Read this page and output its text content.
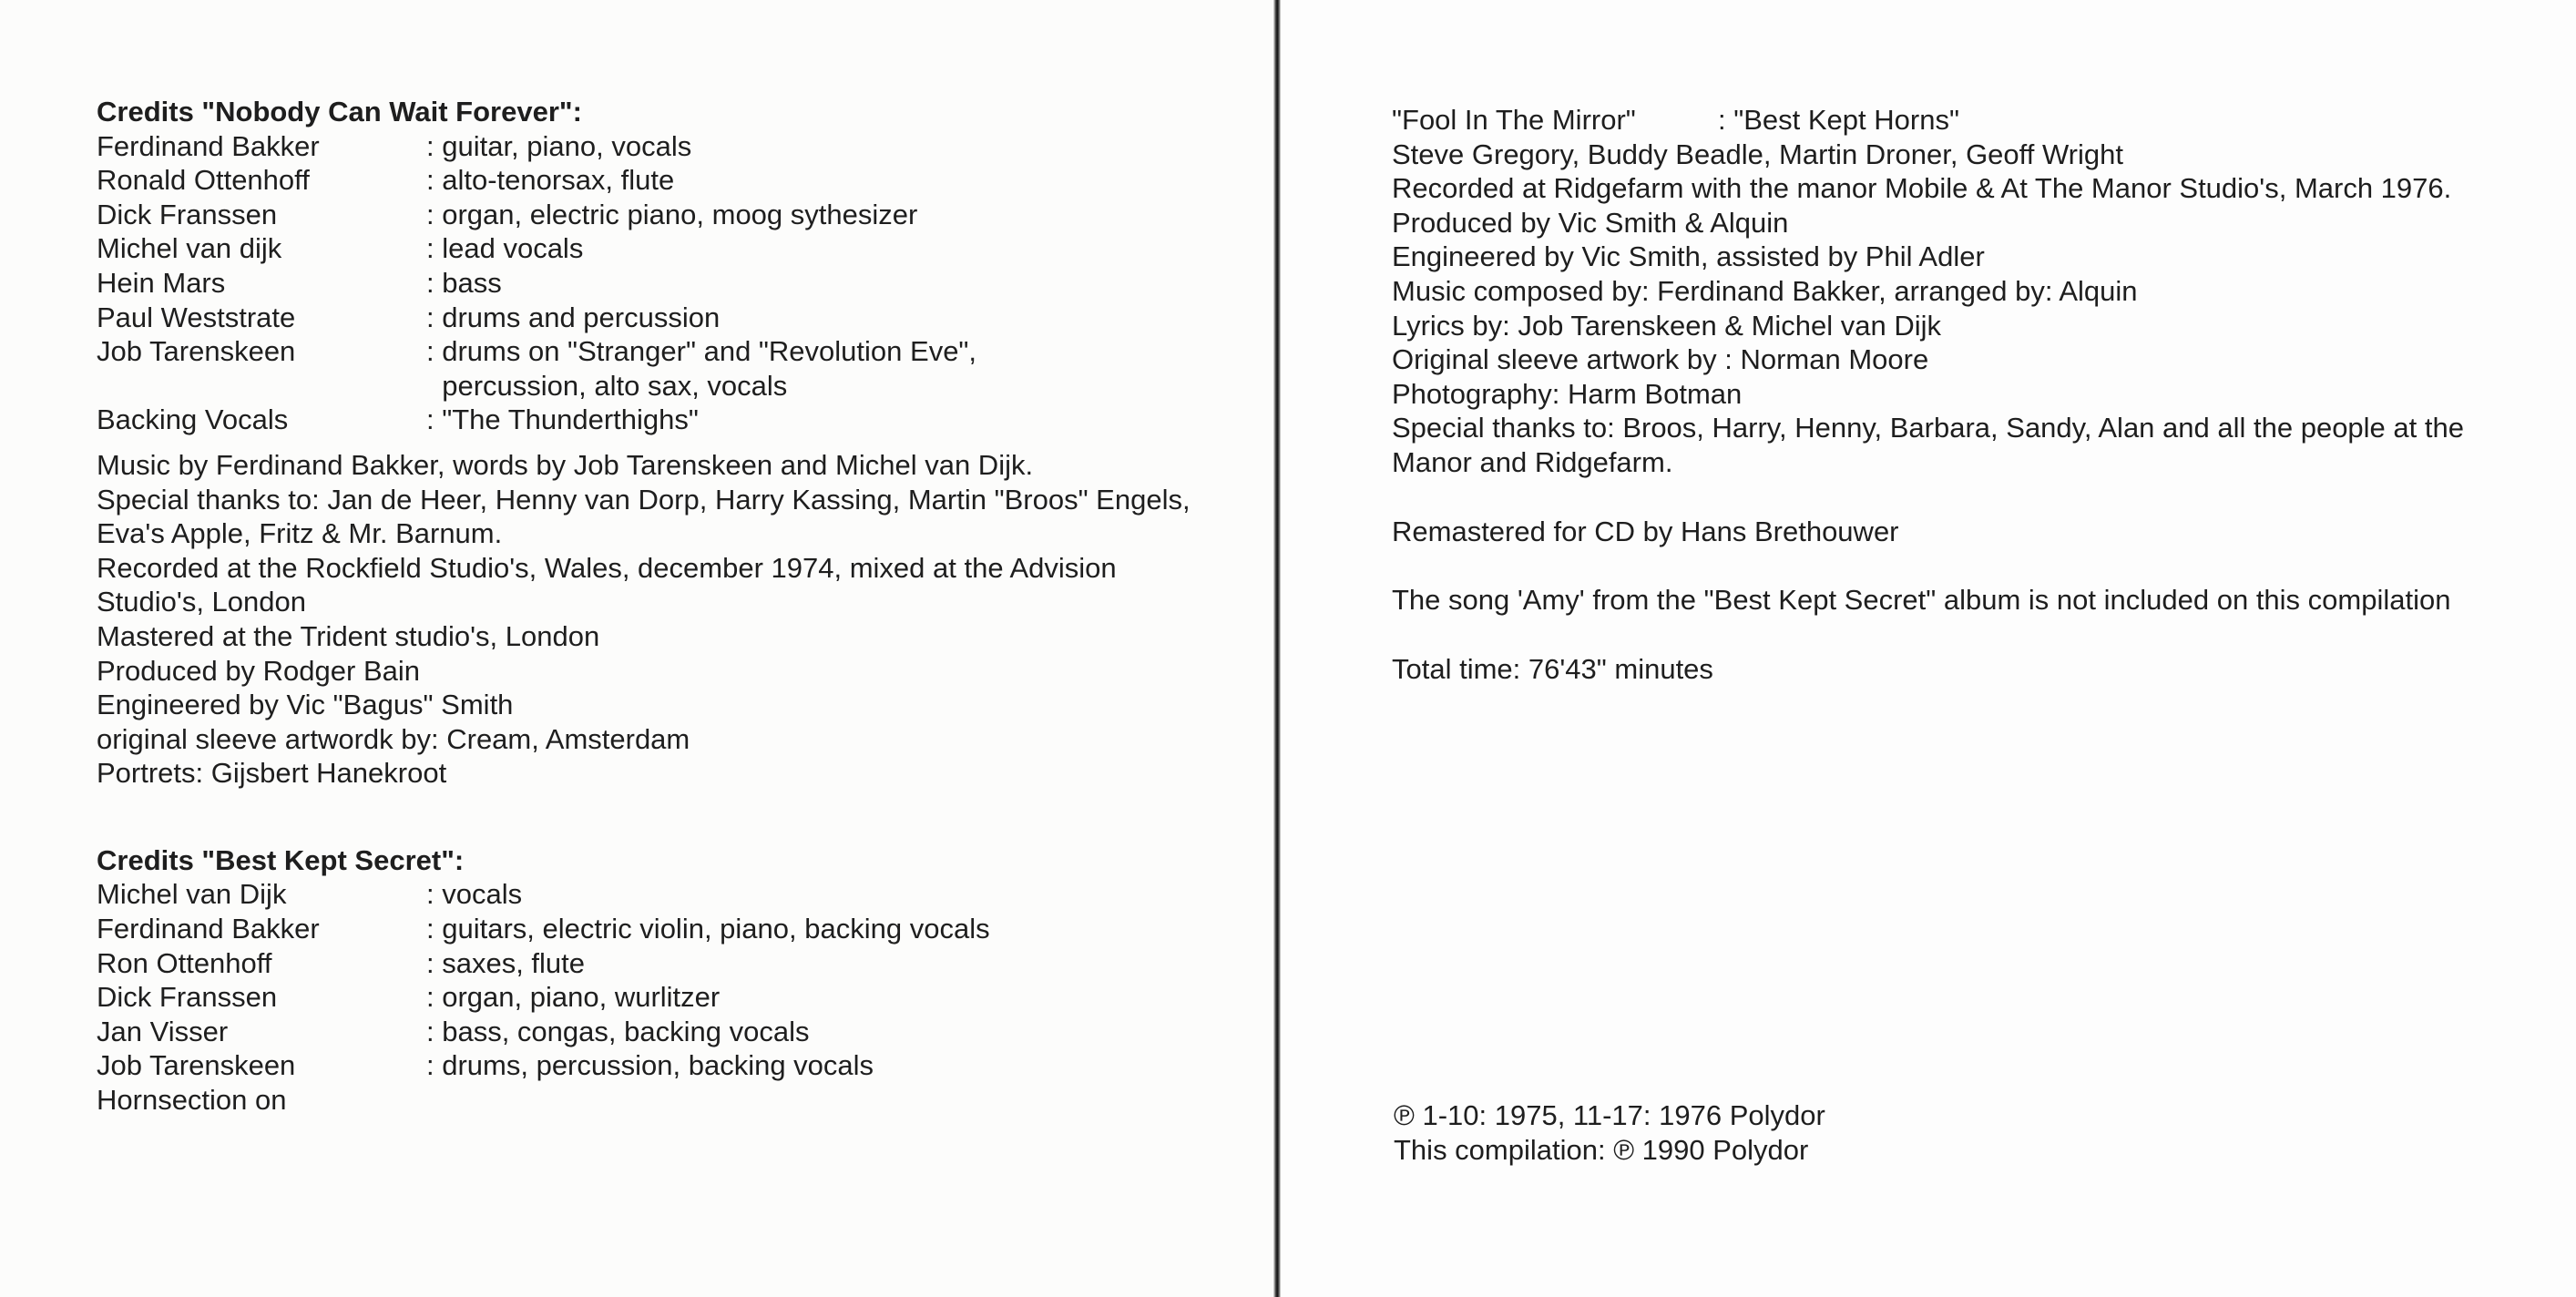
Credits "Nobody Can Wait Forever":
Ferdinand Bakker	: guitar, piano, vocals
Ronald Ottenhoff	: alto-tenorsax, flute
Dick Franssen	: organ, electric piano, moog sythesizer
Michel van dijk	: lead vocals
Hein Mars	: bass
Paul Weststrate	: drums and percussion
Job Tarenskeen	: drums on "Stranger" and "Revolution Eve",
percussion, alto sax, vocals
Backing Vocals	: "The Thunderthighs"
Music by Ferdinand Bakker, words by Job Tarenskeen and Michel van Dijk.
Special thanks to: Jan de Heer, Henny van Dorp, Harry Kassing, Martin "Broos" Engels, Eva's Apple, Fritz & Mr. Barnum.
Recorded at the Rockfield Studio's, Wales, december 1974, mixed at the Advision Studio's, London
Mastered at the Trident studio's, London
Produced by Rodger Bain
Engineered by Vic "Bagus" Smith
original sleeve artwordk by: Cream, Amsterdam
Portrets: Gijsbert Hanekroot
Credits "Best Kept Secret":
Michel van Dijk	: vocals
Ferdinand Bakker	: guitars, electric violin, piano, backing vocals
Ron Ottenhoff	: saxes, flute
Dick Franssen	: organ, piano, wurlitzer
Jan Visser	: bass, congas, backing vocals
Job Tarenskeen	: drums, percussion, backing vocals
Hornsection on
"Fool In The Mirror"	: "Best Kept Horns"
Steve Gregory, Buddy Beadle, Martin Droner, Geoff Wright
Recorded at Ridgefarm with the manor Mobile & At The Manor Studio's, March 1976.
Produced by Vic Smith & Alquin
Engineered by Vic Smith, assisted by Phil Adler
Music composed by: Ferdinand Bakker, arranged by: Alquin
Lyrics by: Job Tarenskeen & Michel van Dijk
Original sleeve artwork by : Norman Moore
Photography: Harm Botman
Special thanks to: Broos, Harry, Henny, Barbara, Sandy, Alan and all the people at the Manor and Ridgefarm.
Remastered for CD by Hans Brethouwer
The song 'Amy' from the "Best Kept Secret" album is not included on this compilation
Total time: 76'43" minutes
℗ 1-10: 1975, 11-17: 1976 Polydor
This compilation: ℗ 1990 Polydor
